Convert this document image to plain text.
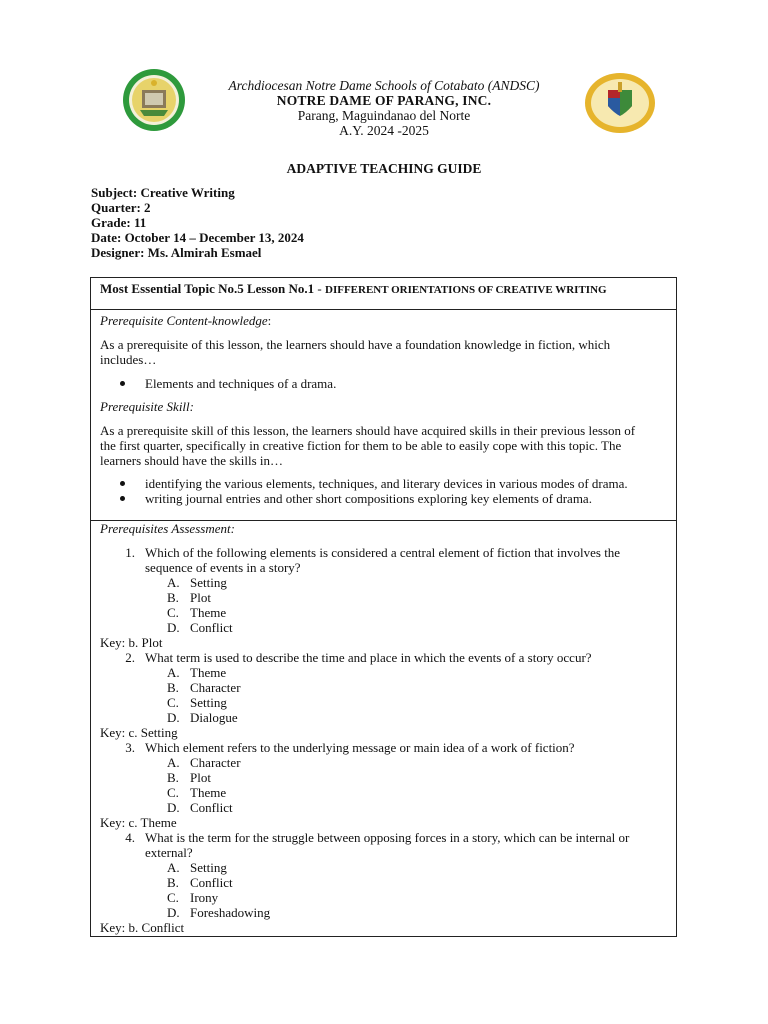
Archdiocesan Notre Dame Schools of Cotabato (ANDSC)
NOTRE DAME OF PARANG, INC.
Parang, Maguindanao del Norte
A.Y. 2024 -2025
ADAPTIVE TEACHING GUIDE
Subject: Creative Writing
Quarter: 2
Grade: 11
Date: October 14 – December 13, 2024
Designer: Ms. Almirah Esmael
Most Essential Topic No.5 Lesson No.1 - DIFFERENT ORIENTATIONS OF CREATIVE WRITING
Prerequisite Content-knowledge:
As a prerequisite of this lesson, the learners should have a foundation knowledge in fiction, which
includes…
Elements and techniques of a drama.
Prerequisite Skill:
As a prerequisite skill of this lesson, the learners should have acquired skills in their previous lesson of
the first quarter, specifically in creative fiction for them to be able to easily cope with this topic. The
learners should have the skills in…
identifying the various elements, techniques, and literary devices in various modes of drama.
writing journal entries and other short compositions exploring key elements of drama.
Prerequisites Assessment:
1. Which of the following elements is considered a central element of fiction that involves the
sequence of events in a story?
A. Setting
B. Plot
C. Theme
D. Conflict
Key: b. Plot
2. What term is used to describe the time and place in which the events of a story occur?
A. Theme
B. Character
C. Setting
D. Dialogue
Key: c. Setting
3. Which element refers to the underlying message or main idea of a work of fiction?
A. Character
B. Plot
C. Theme
D. Conflict
Key: c. Theme
4. What is the term for the struggle between opposing forces in a story, which can be internal or
external?
A. Setting
B. Conflict
C. Irony
D. Foreshadowing
Key: b. Conflict
